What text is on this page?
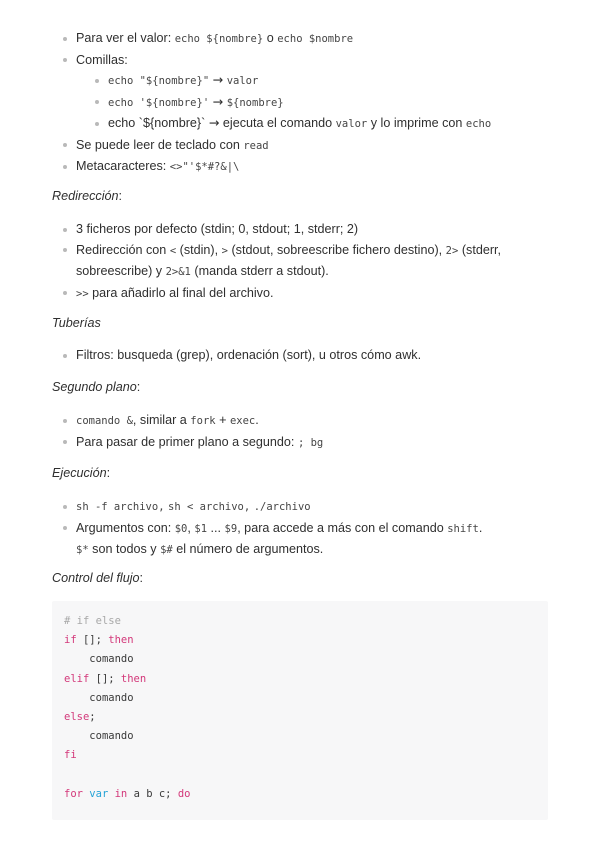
Para ver el valor: echo ${nombre} o echo $nombre
Comillas:
echo "${nombre}" → valor
echo '${nombre}' → ${nombre}
echo `${nombre}` → ejecuta el comando valor y lo imprime con echo
Se puede leer de teclado con read
Metacaracteres: <>"'$*#?&|\
Redirección:
3 ficheros por defecto (stdin; 0, stdout; 1, stderr; 2)
Redirección con < (stdin), > (stdout, sobreescribe fichero destino), 2> (stderr, sobreescribe) y 2>&1 (manda stderr a stdout).
>> para añadirlo al final del archivo.
Tuberías
Filtros: busqueda (grep), ordenación (sort), u otros cómo awk.
Segundo plano:
comando &, similar a fork + exec.
Para pasar de primer plano a segundo: ; bg
Ejecución:
sh -f archivo, sh < archivo, ./archivo
Argumentos con: $0, $1 ... $9, para accede a más con el comando shift.
$* son todos y $# el número de argumentos.
Control del flujo:
# if else
if []; then
comando
elif []; then
comando
else;
comando
fi

for var in a b c; do
